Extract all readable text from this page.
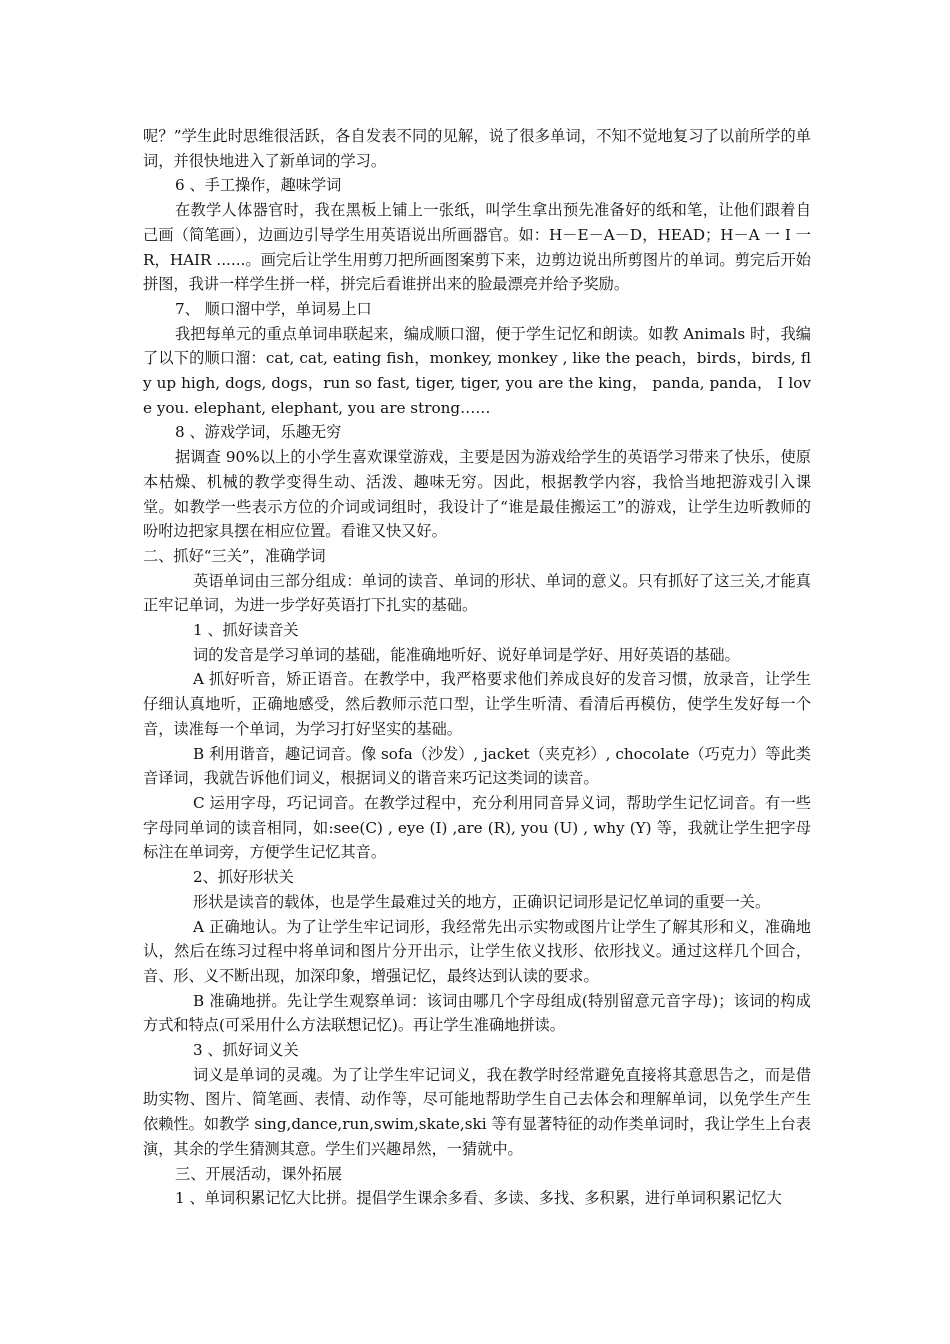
呢？”学生此时思维很活跃，各自发表不同的见解，说了很多单词，不知不觉地复习了以前所学的单词，并很快地进入了新单词的学习。

6 、手工操作，趣味学词

在教学人体器官时，我在黑板上铺上一张纸，叫学生拿出预先准备好的纸和笔，让他们跟着自己画（简笔画），边画边引导学生用英语说出所画器官。如：H－E－A－D，HEAD；H－A 一 I 一 R，HAIR ......。画完后让学生用剪刀把所画图案剪下来，边剪边说出所剪图片的单词。剪完后开始拼图，我讲一样学生拼一样，拼完后看谁拼出来的脸最漂亮并给予奖励。

7、 顺口溜中学，单词易上口

我把每单元的重点单词串联起来，编成顺口溜，便于学生记忆和朗读。如教 Animals 时，我编了以下的顺口溜：cat, cat, eating fish，monkey, monkey , like the peach，birds，birds, fly up high, dogs, dogs，run so fast, tiger, tiger, you are the king， panda, panda， I love you. elephant, elephant, you are strong……

8 、游戏学词，乐趣无穷

据调查 90%以上的小学生喜欢课堂游戏，主要是因为游戏给学生的英语学习带来了快乐，使原本枯燥、机械的教学变得生动、活泼、趣味无穷。因此，根据教学内容，我恰当地把游戏引入课堂。如教学一些表示方位的介词或词组时，我设计了“谁是最佳搬运工”的游戏，让学生边听教师的吩咐边把家具摆在相应位置。看谁又快又好。

二、抓好“三关”，准确学词

英语单词由三部分组成：单词的读音、单词的形状、单词的意义。只有抓好了这三关,才能真正牢记单词，为进一步学好英语打下扎实的基础。

1 、抓好读音关

词的发音是学习单词的基础，能准确地听好、说好单词是学好、用好英语的基础。

A 抓好听音，矫正语音。在教学中，我严格要求他们养成良好的发音习惯，放录音，让学生仔细认真地听，正确地感受，然后教师示范口型，让学生听清、看清后再模仿，使学生发好每一个音，读准每一个单词，为学习打好坚实的基础。

B 利用谐音，趣记词音。像 sofa（沙发）, jacket（夹克衫）, chocolate（巧克力）等此类音译词，我就告诉他们词义，根据词义的谐音来巧记这类词的读音。

C 运用字母，巧记词音。在教学过程中，充分利用同音异义词，帮助学生记忆词音。有一些字母同单词的读音相同，如:see(C) , eye (I) ,are (R), you (U) , why (Y) 等，我就让学生把字母标注在单词旁，方便学生记忆其音。

2、抓好形状关

形状是读音的载体，也是学生最难过关的地方，正确识记词形是记忆单词的重要一关。

A 正确地认。为了让学生牢记词形，我经常先出示实物或图片让学生了解其形和义，准确地认，然后在练习过程中将单词和图片分开出示，让学生依义找形、依形找义。通过这样几个回合，音、形、义不断出现，加深印象，增强记忆，最终达到认读的要求。

B 准确地拼。先让学生观察单词：该词由哪几个字母组成(特别留意元音字母)；该词的构成方式和特点(可采用什么方法联想记忆)。再让学生准确地拼读。

3 、抓好词义关

词义是单词的灵魂。为了让学生牢记词义，我在教学时经常避免直接将其意思告之，而是借助实物、图片、简笔画、表情、动作等，尽可能地帮助学生自己去体会和理解单词，以免学生产生依赖性。如教学 sing,dance,run,swim,skate,ski 等有显著特征的动作类单词时，我让学生上台表演，其余的学生猜测其意。学生们兴趣昂然，一猜就中。

三、开展活动，课外拓展

1 、单词积累记忆大比拼。提倡学生课余多看、多读、多找、多积累，进行单词积累记忆大
